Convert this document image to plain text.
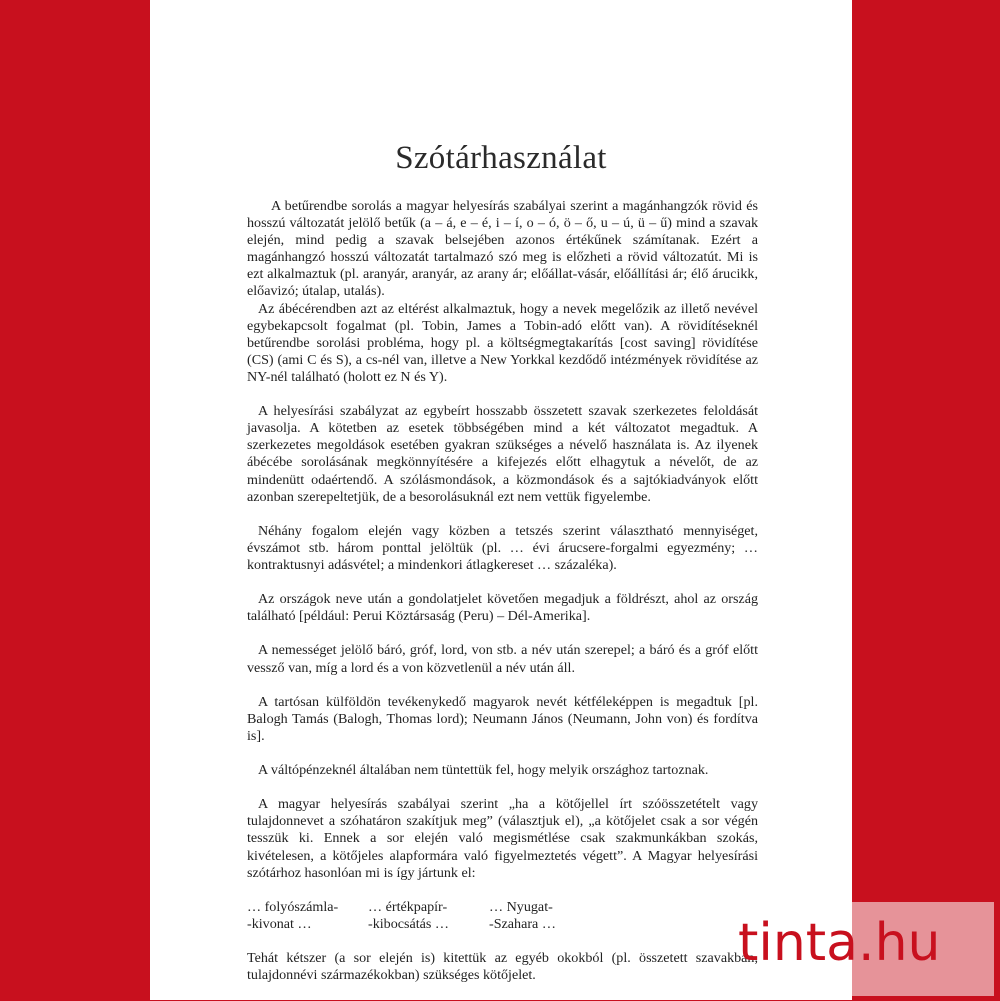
Szótárhasználat

A betűrendbe sorolás a magyar helyesírás szabályai szerint a magánhangzók rövid és hosszú változatát jelölő betűk (a – á, e – é, i – í, o – ó, ö – ő, u – ú, ü – ű) mind a szavak elején, mind pedig a szavak belsejében azonos értékűnek számítanak. Ezért a magánhangzó hosszú változatát tartalmazó szó meg is előzheti a rövid változatút. Mi is ezt alkalmaztuk (pl. aranyár, aranyár, az arany ár; előállat-vásár, előállítási ár; élő árucikk, előavizó; útalap, utalás).

Az ábécérendben azt az eltérést alkalmaztuk, hogy a nevek megelőzik az illető nevével egybekapcsolt fogalmat (pl. Tobin, James a Tobin-adó előtt van). A rövidítéseknél betűrendbe sorolási probléma, hogy pl. a költségmegtakarítás [cost saving] rövidítése (CS) (ami C és S), a cs-nél van, illetve a New Yorkkal kezdődő intézmények rövidítése az NY-nél található (holott ez N és Y).

A helyesírási szabályzat az egybeírt hosszabb összetett szavak szerkezetes feloldását javasolja. A kötetben az esetek többségében mind a két változatot megadtuk. A szerkezetes megoldások esetében gyakran szükséges a névelő használata is. Az ilyenek ábécébe sorolásának megkönnyítésére a kifejezés előtt elhagytuk a névelőt, de az mindenütt odaértendő. A szólásmondások, a közmondások és a sajtókiadványok előtt azonban szerepeltetjük, de a besorolásuknál ezt nem vettük figyelembe.

Néhány fogalom elején vagy közben a tetszés szerint választható mennyiséget, évszámot stb. három ponttal jelöltük (pl. … évi árucsere-forgalmi egyezmény; … kontraktusnyi adásvétel; a mindenkori átlagkereset … százaléka).

Az országok neve után a gondolatjelet követően megadjuk a földrészt, ahol az ország található [például: Perui Köztársaság (Peru) – Dél-Amerika].

A nemességet jelölő báró, gróf, lord, von stb. a név után szerepel; a báró és a gróf előtt vessző van, míg a lord és a von közvetlenül a név után áll.

A tartósan külföldön tevékenykedő magyarok nevét kétféleképpen is megadtuk [pl. Balogh Tamás (Balogh, Thomas lord); Neumann János (Neumann, John von) és fordítva is].

A váltópénzeknél általában nem tüntettük fel, hogy melyik országhoz tartoznak.

A magyar helyesírás szabályai szerint „ha a kötőjellel írt szóösszetételt vagy tulajdonnevet a szóhatáron szakítjuk meg” (választjuk el), „a kötőjelet csak a sor végén tesszük ki. Ennek a sor elején való megismétlése csak szakmunkákban szokás, kivételesen, a kötőjeles alapformára való figyelmeztetés végett”. A Magyar helyesírási szótárhoz hasonlóan mi is így jártunk el:

… folyószámla-
-kivonat …
… értékpapír-
-kibocsátás …
… Nyugat-
-Szahara …

Tehát kétszer (a sor elején is) kitettük az egyéb okokból (pl. összetett szavakban, tulajdonnévi származékokban) szükséges kötőjelet.

tinta.hu
